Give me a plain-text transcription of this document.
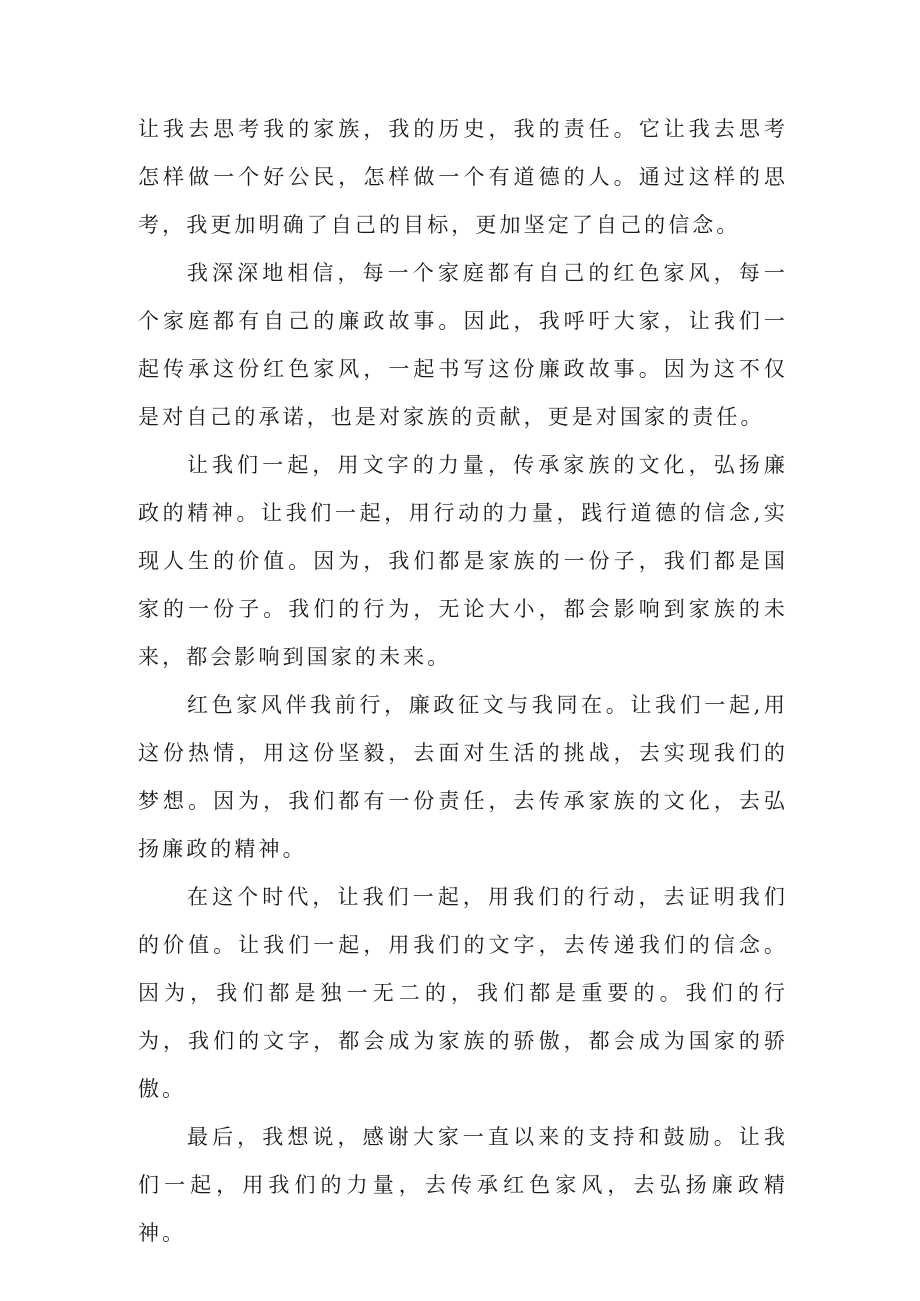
让我去思考我的家族，我的历史，我的责任。它让我去思考怎样做一个好公民，怎样做一个有道德的人。通过这样的思考，我更加明确了自己的目标，更加坚定了自己的信念。

我深深地相信，每一个家庭都有自己的红色家风，每一个家庭都有自己的廉政故事。因此，我呼吁大家，让我们一起传承这份红色家风，一起书写这份廉政故事。因为这不仅是对自己的承诺，也是对家族的贡献，更是对国家的责任。

让我们一起，用文字的力量，传承家族的文化，弘扬廉政的精神。让我们一起，用行动的力量，践行道德的信念,实现人生的价值。因为，我们都是家族的一份子，我们都是国家的一份子。我们的行为，无论大小，都会影响到家族的未来，都会影响到国家的未来。

红色家风伴我前行，廉政征文与我同在。让我们一起,用这份热情，用这份坚毅，去面对生活的挑战，去实现我们的梦想。因为，我们都有一份责任，去传承家族的文化，去弘扬廉政的精神。

在这个时代，让我们一起，用我们的行动，去证明我们的价值。让我们一起，用我们的文字，去传递我们的信念。因为，我们都是独一无二的，我们都是重要的。我们的行为，我们的文字，都会成为家族的骄傲，都会成为国家的骄傲。

最后，我想说，感谢大家一直以来的支持和鼓励。让我们一起，用我们的力量，去传承红色家风，去弘扬廉政精神。
